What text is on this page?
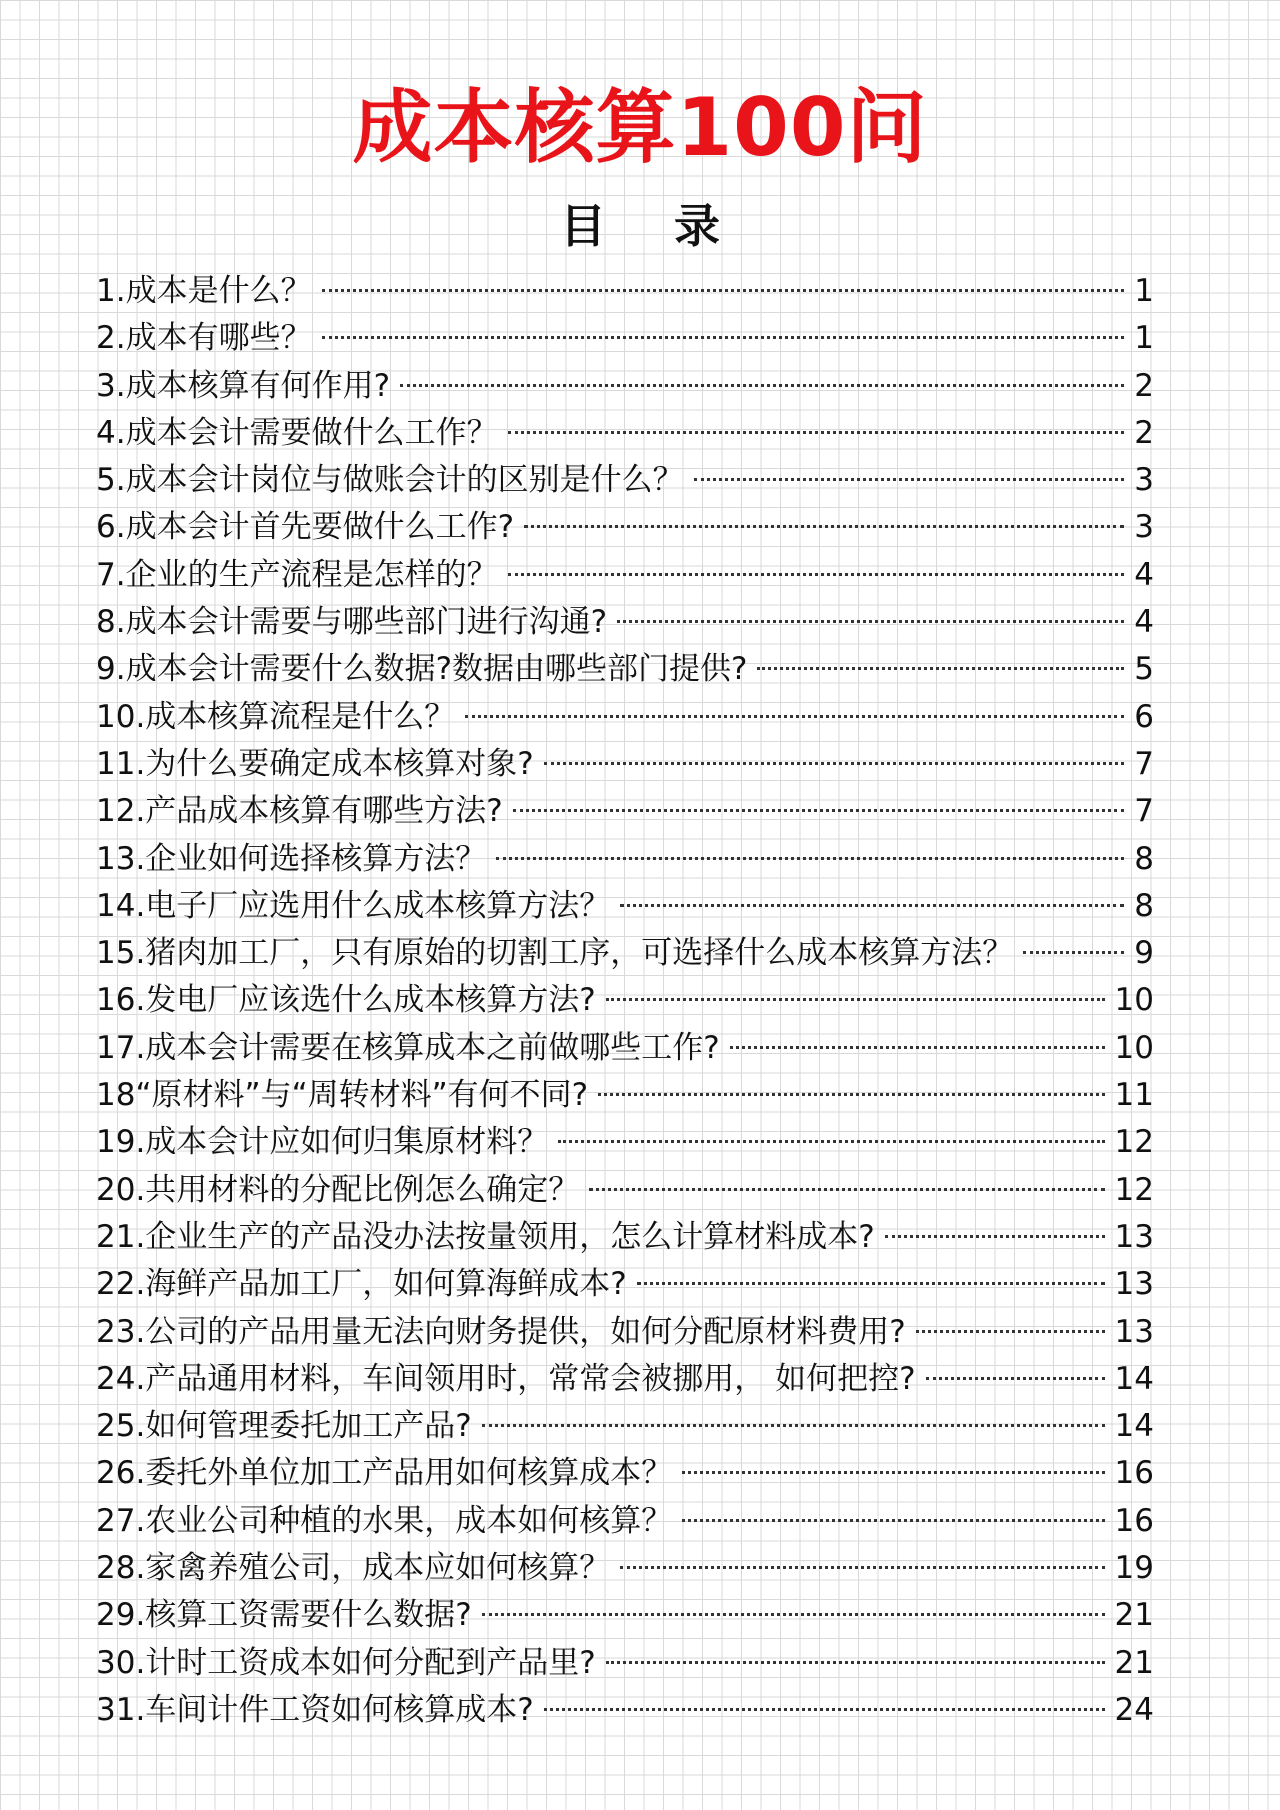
成本核算100问
目 录
1.成本是什么？	1
2.成本有哪些？	1
3.成本核算有何作用?	2
4.成本会计需要做什么工作？	2
5.成本会计岗位与做账会计的区别是什么？	3
6.成本会计首先要做什么工作?	3
7.企业的生产流程是怎样的？	4
8.成本会计需要与哪些部门进行沟通?	4
9.成本会计需要什么数据?数据由哪些部门提供?	5
10.成本核算流程是什么？	6
11.为什么要确定成本核算对象?	7
12.产品成本核算有哪些方法?	7
13.企业如何选择核算方法？	8
14.电子厂应选用什么成本核算方法？	8
15.猪肉加工厂，只有原始的切割工序，可选择什么成本核算方法？	9
16.发电厂应该选什么成本核算方法?	10
17.成本会计需要在核算成本之前做哪些工作?	10
18“原材料”与“周转材料”有何不同?	11
19.成本会计应如何归集原材料？	12
20.共用材料的分配比例怎么确定？	12
21.企业生产的产品没办法按量领用，怎么计算材料成本?	13
22.海鲜产品加工厂，如何算海鲜成本?	13
23.公司的产品用量无法向财务提供，如何分配原材料费用?	13
24.产品通用材料，车间领用时，常常会被挪用， 如何把控?	14
25.如何管理委托加工产品?	14
26.委托外单位加工产品用如何核算成本？	16
27.农业公司种植的水果，成本如何核算？	16
28.家禽养殖公司，成本应如何核算？	19
29.核算工资需要什么数据?	21
30.计时工资成本如何分配到产品里?	21
31.车间计件工资如何核算成本?	24
